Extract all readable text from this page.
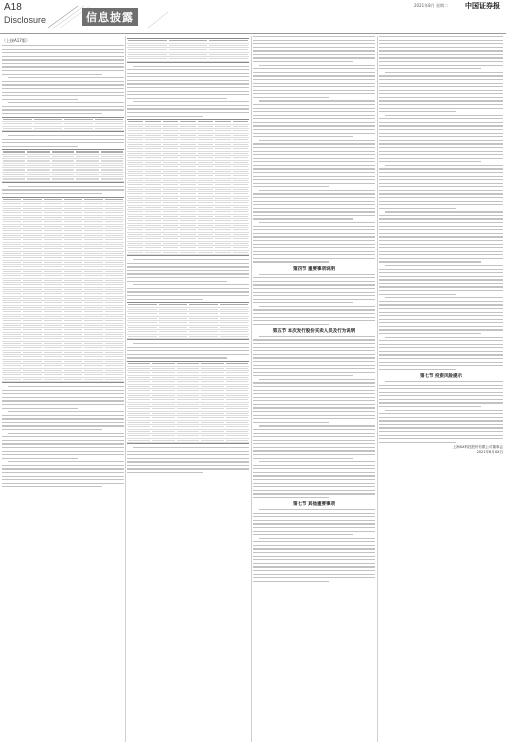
A18
Disclosure	信息披露
2021年8月 星期二 中国证券报
（上接A17版）
第四节 重要事项说明
第五节 本次发行股份买卖人员及行为说明
第七节 其他重要事项
第七节 投资风险提示
上海XX科技股份有限公司董事会
2021年8月XX日
